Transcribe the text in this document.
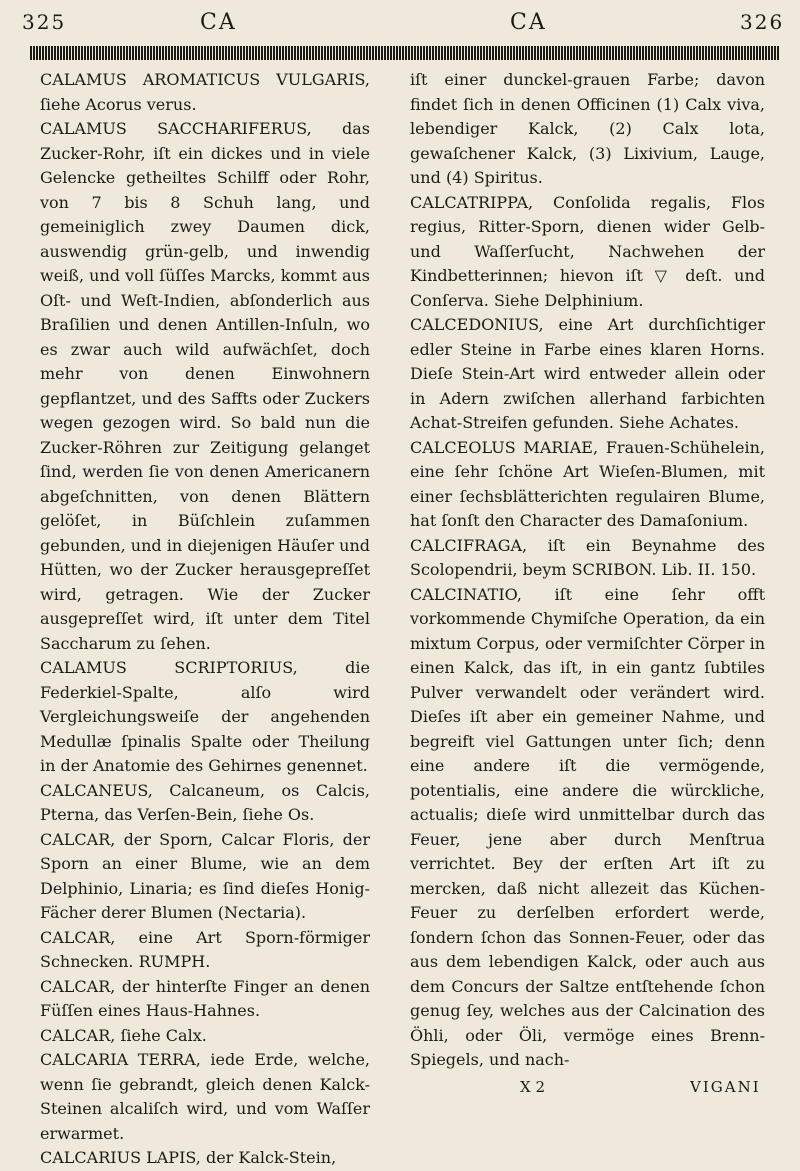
325	CA	CA	326

CALAMUS AROMATICUS VULGARIS, ſiehe Acorus verus.

CALAMUS SACCHARIFERUS, das Zucker-Rohr, iſt ein dickes und in viele Gelencke getheiltes Schilff oder Rohr, von 7 bis 8 Schuh lang, und gemeiniglich zwey Daumen dick, auswendig grün-gelb, und inwendig weiß, und voll ſüſſes Marcks, kommt aus Oſt- und Weſt-Indien, abſonderlich aus Braſilien und denen Antillen-Inſuln, wo es zwar auch wild aufwächſet, doch mehr von denen Einwohnern gepflantzet, und des Saffts oder Zuckers wegen gezogen wird. So bald nun die Zucker-Röhren zur Zeitigung gelanget ſind, werden ſie von denen Americanern abgeſchnitten, von denen Blättern gelöſet, in Büſchlein zuſammen gebunden, und in diejenigen Häuſer und Hütten, wo der Zucker herausgepreſſet wird, getragen. Wie der Zucker ausgepreſſet wird, iſt unter dem Titel Saccharum zu ſehen.

CALAMUS SCRIPTORIUS, die Federkiel-Spalte, alſo wird Vergleichungsweiſe der angehenden Medullæ ſpinalis Spalte oder Theilung in der Anatomie des Gehirnes genennet.

CALCANEUS, Calcaneum, os Calcis, Pterna, das Verſen-Bein, ſiehe Os.

CALCAR, der Sporn, Calcar Floris, der Sporn an einer Blume, wie an dem Delphinio, Linaria; es ſind dieſes Honig-Fächer derer Blumen (Nectaria).

CALCAR, eine Art Sporn-förmiger Schnecken. RUMPH.

CALCAR, der hinterſte Finger an denen Füſſen eines Haus-Hahnes.

CALCAR, ſiehe Calx.

CALCARIA TERRA, iede Erde, welche, wenn ſie gebrandt, gleich denen Kalck-Steinen alcaliſch wird, und vom Waſſer erwarmet.

CALCARIUS LAPIS, der Kalck-Stein,

iſt einer dunckel-grauen Farbe; davon findet ſich in denen Officinen (1) Calx viva, lebendiger Kalck, (2) Calx lota, gewaſchener Kalck, (3) Lixivium, Lauge, und (4) Spiritus.

CALCATRIPPA, Conſolida regalis, Flos regius, Ritter-Sporn, dienen wider Gelb- und Waſſerſucht, Nachwehen der Kindbetterinnen; hievon iſt ▽ deſt. und Conſerva. Siehe Delphinium.

CALCEDONIUS, eine Art durchſichtiger edler Steine in Farbe eines klaren Horns. Dieſe Stein-Art wird entweder allein oder in Adern zwiſchen allerhand farbichten Achat-Streifen gefunden. Siehe Achates.

CALCEOLUS MARIAE, Frauen-Schühelein, eine ſehr ſchöne Art Wieſen-Blumen, mit einer ſechsblätterichten regulairen Blume, hat ſonſt den Character des Damaſonium.

CALCIFRAGA, iſt ein Beynahme des Scolopendrii, beym SCRIBON. Lib. II. 150.

CALCINATIO, iſt eine ſehr offt vorkommende Chymiſche Operation, da ein mixtum Corpus, oder vermiſchter Cörper in einen Kalck, das iſt, in ein gantz ſubtiles Pulver verwandelt oder verändert wird. Dieſes iſt aber ein gemeiner Nahme, und begreift viel Gattungen unter ſich; denn eine andere iſt die vermögende, potentialis, eine andere die würckliche, actualis; dieſe wird unmittelbar durch das Feuer, jene aber durch Menſtrua verrichtet. Bey der erſten Art iſt zu mercken, daß nicht allezeit das Küchen-Feuer zu derſelben erfordert werde, ſondern ſchon das Sonnen-Feuer, oder das aus dem lebendigen Kalck, oder auch aus dem Concurs der Saltze entſtehende ſchon genug ſey, welches aus der Calcination des Öhli, oder Öli, vermöge eines Brenn-Spiegels, und nach-

X 2	VIGANI
